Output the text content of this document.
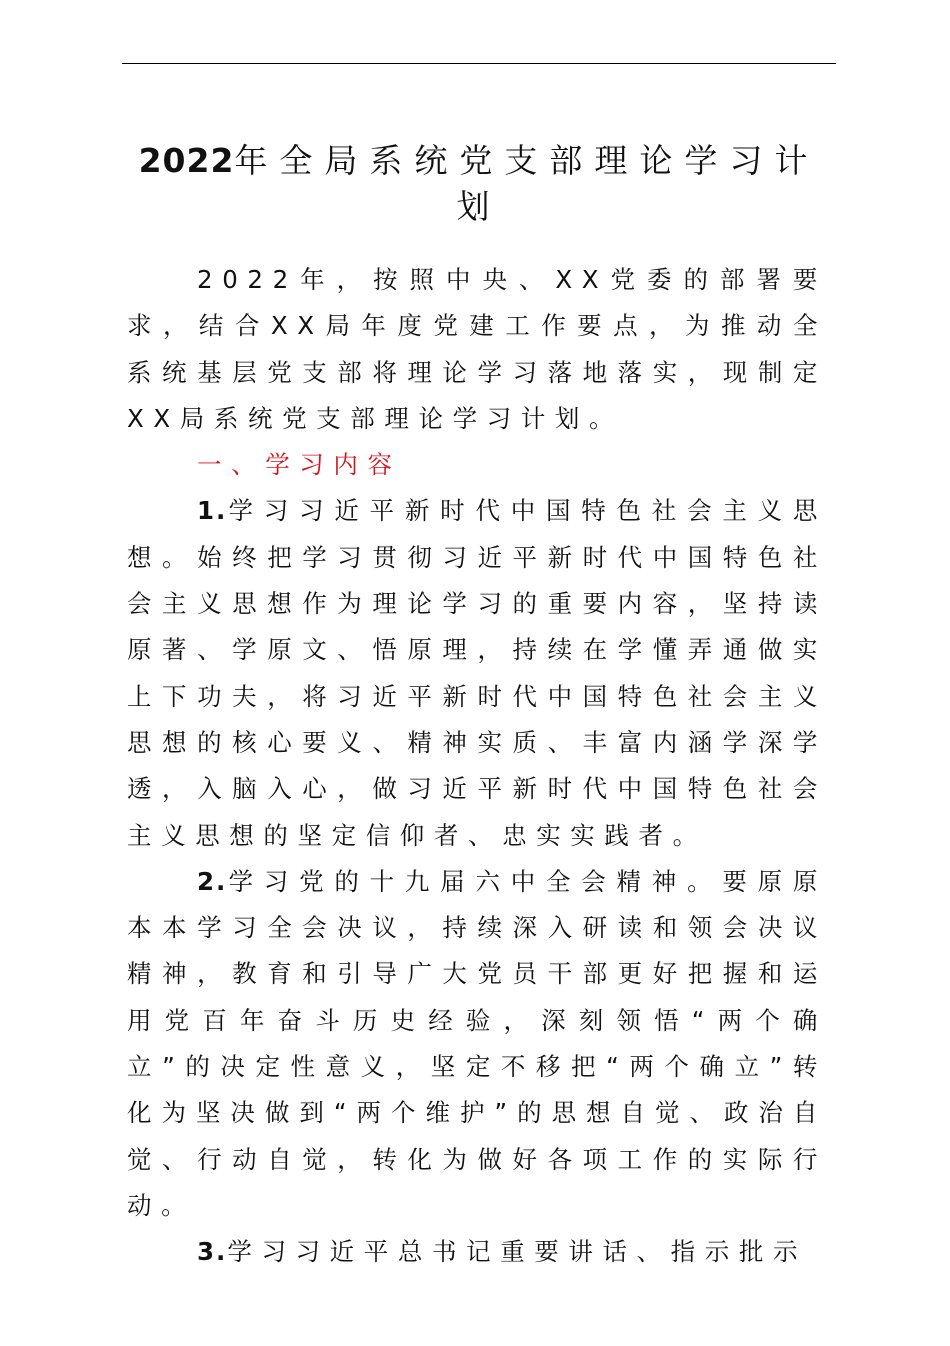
2022年全局系统党支部理论学习计划

2022年，按照中央、XX党委的部署要求，结合XX局年度党建工作要点，为推动全系统基层党支部将理论学习落地落实，现制定XX局系统党支部理论学习计划。

一、学习内容

1.学习习近平新时代中国特色社会主义思想。始终把学习贯彻习近平新时代中国特色社会主义思想作为理论学习的重要内容，坚持读原著、学原文、悟原理，持续在学懂弄通做实上下功夫，将习近平新时代中国特色社会主义思想的核心要义、精神实质、丰富内涵学深学透，入脑入心，做习近平新时代中国特色社会主义思想的坚定信仰者、忠实实践者。

2.学习党的十九届六中全会精神。要原原本本学习全会决议，持续深入研读和领会决议精神，教育和引导广大党员干部更好把握和运用党百年奋斗历史经验，深刻领悟“两个确立”的决定性意义，坚定不移把“两个确立”转化为坚决做到“两个维护”的思想自觉、政治自觉、行动自觉，转化为做好各项工作的实际行动。

3.学习习近平总书记重要讲话、指示批示
